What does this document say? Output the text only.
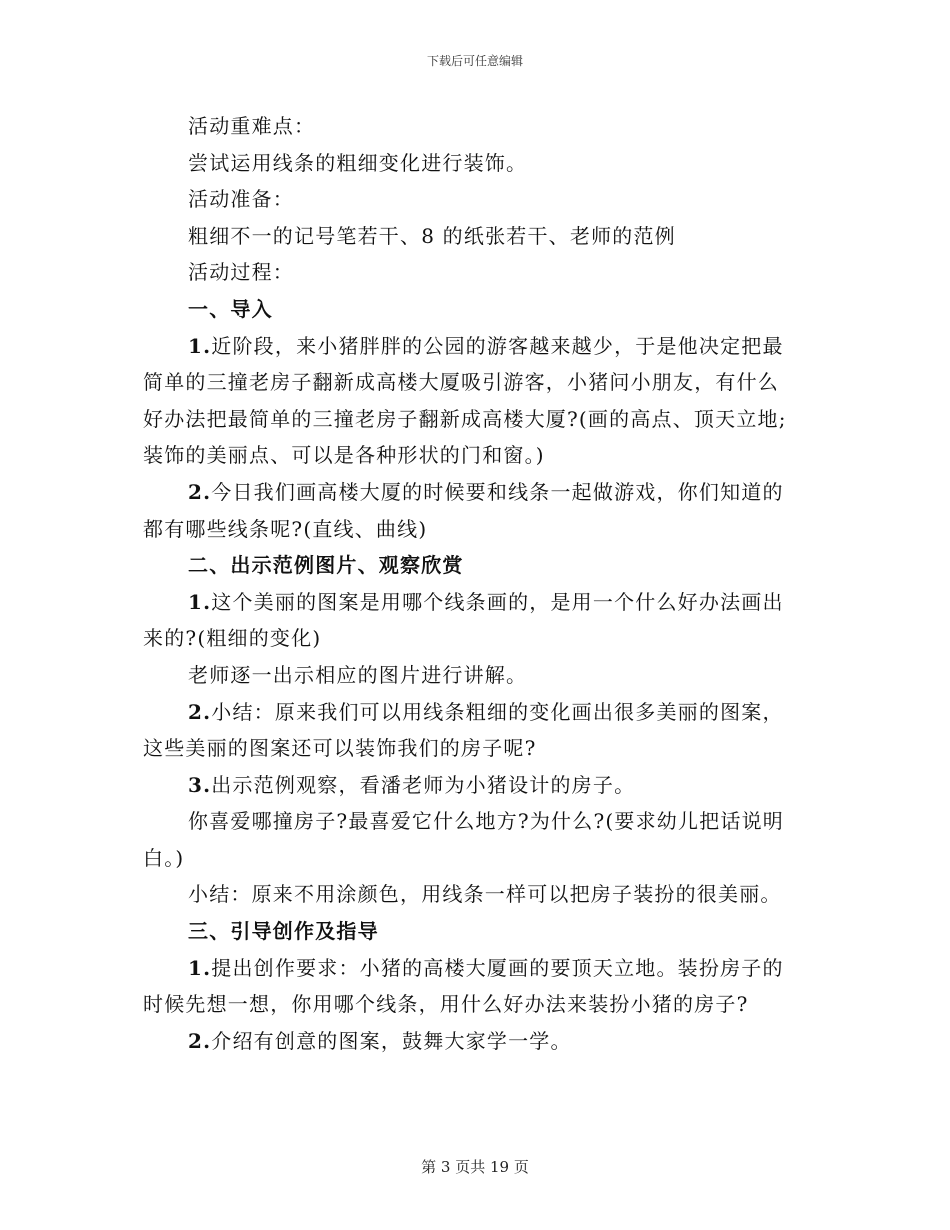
下载后可任意编辑
活动重难点：
尝试运用线条的粗细变化进行装饰。
活动准备：
粗细不一的记号笔若干、8 的纸张若干、老师的范例
活动过程：
一、导入
1.近阶段，来小猪胖胖的公园的游客越来越少，于是他决定把最
简单的三撞老房子翻新成高楼大厦吸引游客，小猪问小朋友，有什么
好办法把最简单的三撞老房子翻新成高楼大厦?(画的高点、顶天立地;
装饰的美丽点、可以是各种形状的门和窗。)
2.今日我们画高楼大厦的时候要和线条一起做游戏，你们知道的
都有哪些线条呢?(直线、曲线)
二、出示范例图片、观察欣赏
1.这个美丽的图案是用哪个线条画的，是用一个什么好办法画出
来的?(粗细的变化)
老师逐一出示相应的图片进行讲解。
2.小结：原来我们可以用线条粗细的变化画出很多美丽的图案，
这些美丽的图案还可以装饰我们的房子呢?
3.出示范例观察，看潘老师为小猪设计的房子。
你喜爱哪撞房子?最喜爱它什么地方?为什么?(要求幼儿把话说明
白。)
小结：原来不用涂颜色，用线条一样可以把房子装扮的很美丽。
三、引导创作及指导
1.提出创作要求：小猪的高楼大厦画的要顶天立地。装扮房子的
时候先想一想，你用哪个线条，用什么好办法来装扮小猪的房子?
2.介绍有创意的图案，鼓舞大家学一学。
第 3 页共 19 页
